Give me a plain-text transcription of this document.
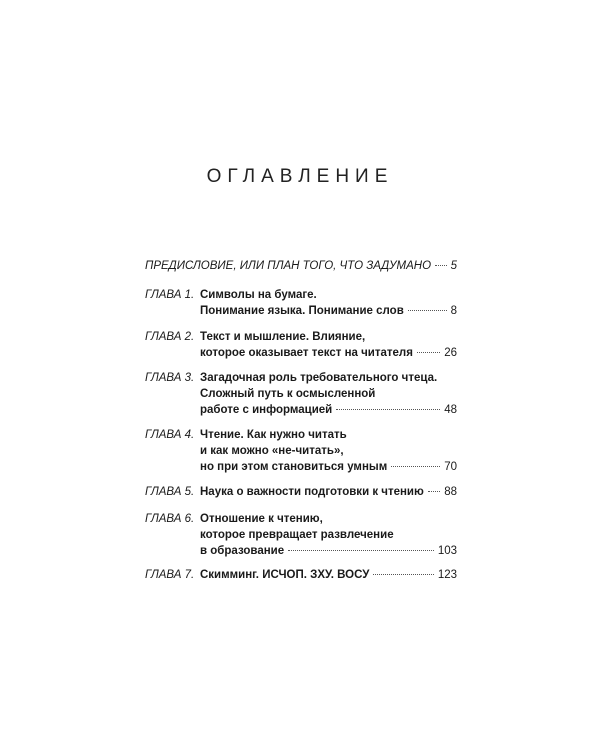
ОГЛАВЛЕНИЕ
ПРЕДИСЛОВИЕ, ИЛИ ПЛАН ТОГО, ЧТО ЗАДУМАНО 5
ГЛАВА 1. Символы на бумаге.
Понимание языка. Понимание слов	8
ГЛАВА 2. Текст и мышление. Влияние,
которое оказывает текст на читателя	26
ГЛАВА 3. Загадочная роль требовательного чтеца.
Сложный путь к осмысленной
работе с информацией	48
ГЛАВА 4. Чтение. Как нужно читать
и как можно «не-читать»,
но при этом становиться умным	70
ГЛАВА 5. Наука о важности подготовки к чтению 88
ГЛАВА 6. Отношение к чтению,
которое превращает развлечение
в образование	103
ГЛАВА 7. Скимминг. ИСЧОП. ЗХУ. ВОСУ	123
